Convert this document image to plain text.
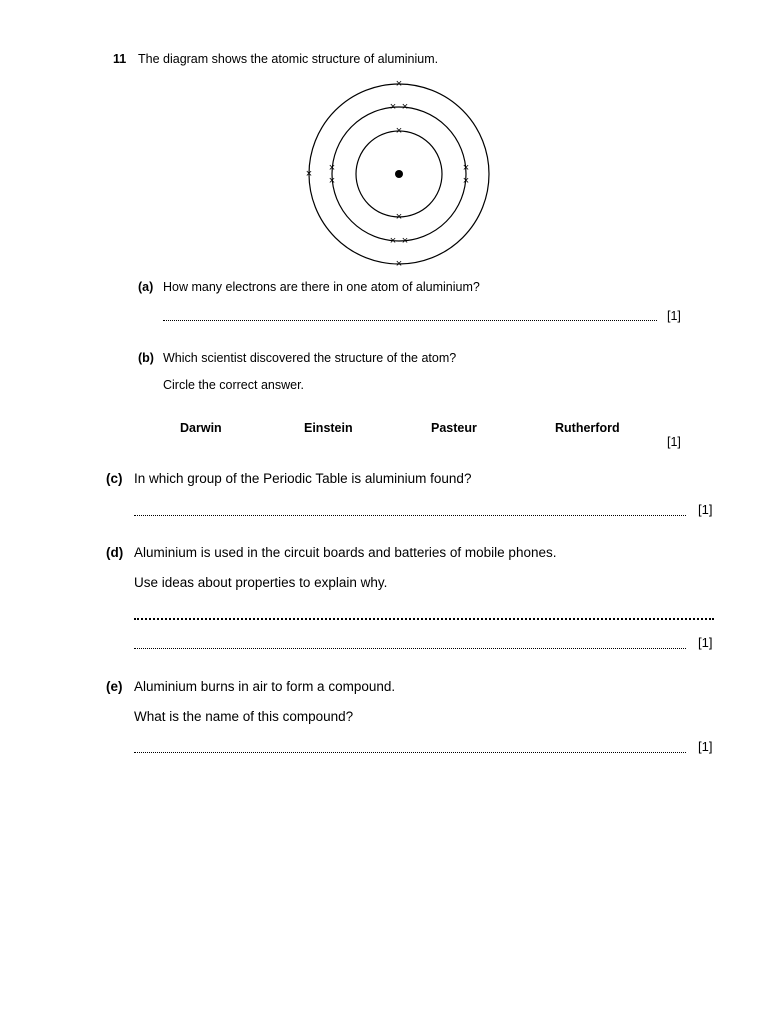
11 The diagram shows the atomic structure of aluminium.
×
×
× ×
× ×
×
×
×
×
×
×
×
(a) How many electrons are there in one atom of aluminium?
[1]
(b) Which scientist discovered the structure of the atom?
Circle the correct answer.
Darwin	Einstein	Pasteur	Rutherford
[1]
(c) In which group of the Periodic Table is aluminium found?
[1]
(d) Aluminium is used in the circuit boards and batteries of mobile phones.
Use ideas about properties to explain why.
[1]
(e) Aluminium burns in air to form a compound.
What is the name of this compound?
[1]
